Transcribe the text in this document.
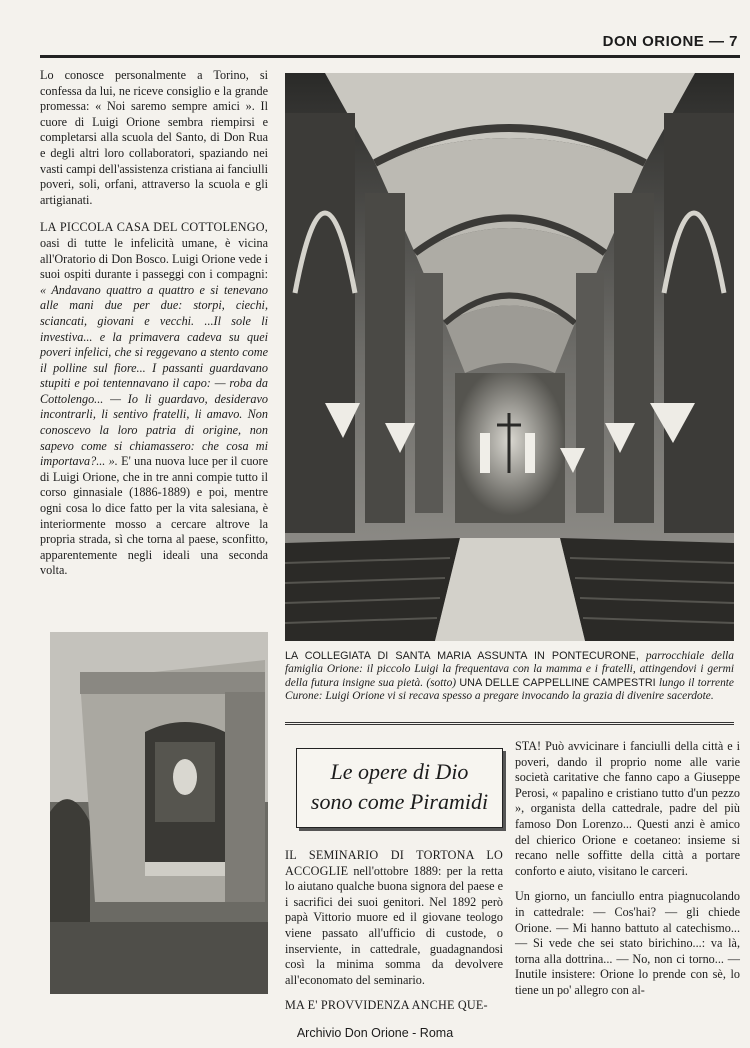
DON ORIONE — 7

Lo conosce personalmente a Torino, si confessa da lui, ne riceve consiglio e la grande promessa: « Noi saremo sempre amici ». Il cuore di Luigi Orione sembra riempirsi e completarsi alla scuola del Santo, di Don Rua e degli altri loro collaboratori, spaziando nei vasti campi dell'assistenza cristiana ai fanciulli poveri, soli, orfani, attraverso la scuola e gli artigianati.

LA PICCOLA CASA DEL COTTOLENGO, oasi di tutte le infelicità umane, è vicina all'Oratorio di Don Bosco. Luigi Orione vede i suoi ospiti durante i passeggi con i compagni: « Andavano quattro a quattro e si tenevano alle mani due per due: storpi, ciechi, sciancati, giovani e vecchi. ...Il sole li investiva... e la primavera cadeva su quei poveri infelici, che si reggevano a stento come il polline sul fiore... I passanti guardavano stupiti e poi tentennavano il capo: — roba da Cottolengo... — Io li guardavo, desideravo incontrarli, li sentivo fratelli, li amavo. Non conoscevo la loro patria di origine, non sapevo come si chiamassero: che cosa mi importava?... ». E' una nuova luce per il cuore di Luigi Orione, che in tre anni compie tutto il corso ginnasiale (1886-1889) e poi, mentre ogni cosa lo dice fatto per la vita salesiana, è interiormente mosso a cercare altrove la propria strada, sì che torna al paese, sconfitto, apparentemente negli ideali una seconda volta.

LA COLLEGIATA DI SANTA MARIA ASSUNTA IN PONTECURONE, parrocchiale della famiglia Orione: il piccolo Luigi la frequentava con la mamma e i fratelli, attingendovi i germi della futura insigne sua pietà. (sotto) UNA DELLE CAPPELLINE CAMPESTRI lungo il torrente Curone: Luigi Orione vi si recava spesso a pregare invocando la grazia di divenire sacerdote.
Le opere di Dio
sono come Piramidi

IL SEMINARIO DI TORTONA LO ACCOGLIE nell'ottobre 1889: per la retta lo aiutano qualche buona signora del paese e i sacrifici dei suoi genitori. Nel 1892 però papà Vittorio muore ed il giovane teologo viene passato all'ufficio di custode, o inserviente, in cattedrale, guadagnandosi così la minima somma da devolvere all'economato del seminario.

MA E' PROVVIDENZA ANCHE QUE-

STA! Può avvicinare i fanciulli della città e i poveri, dando il proprio nome alle varie società caritative che fanno capo a Giuseppe Perosi, « papalino e cristiano tutto d'un pezzo », organista della cattedrale, padre del più famoso Don Lorenzo... Questi anzi è amico del chierico Orione e coetaneo: insieme si recano nelle soffitte della città a portare conforto e aiuto, visitano le carceri.

Un giorno, un fanciullo entra piagnucolando in cattedrale: — Cos'hai? — gli chiede Orione. — Mi hanno battuto al catechismo... — Si vede che sei stato birichino...: va là, torna alla dottrina... — No, non ci torno... — Inutile insistere: Orione lo prende con sè, lo tiene un po' allegro con al-

Archivio Don Orione - Roma
